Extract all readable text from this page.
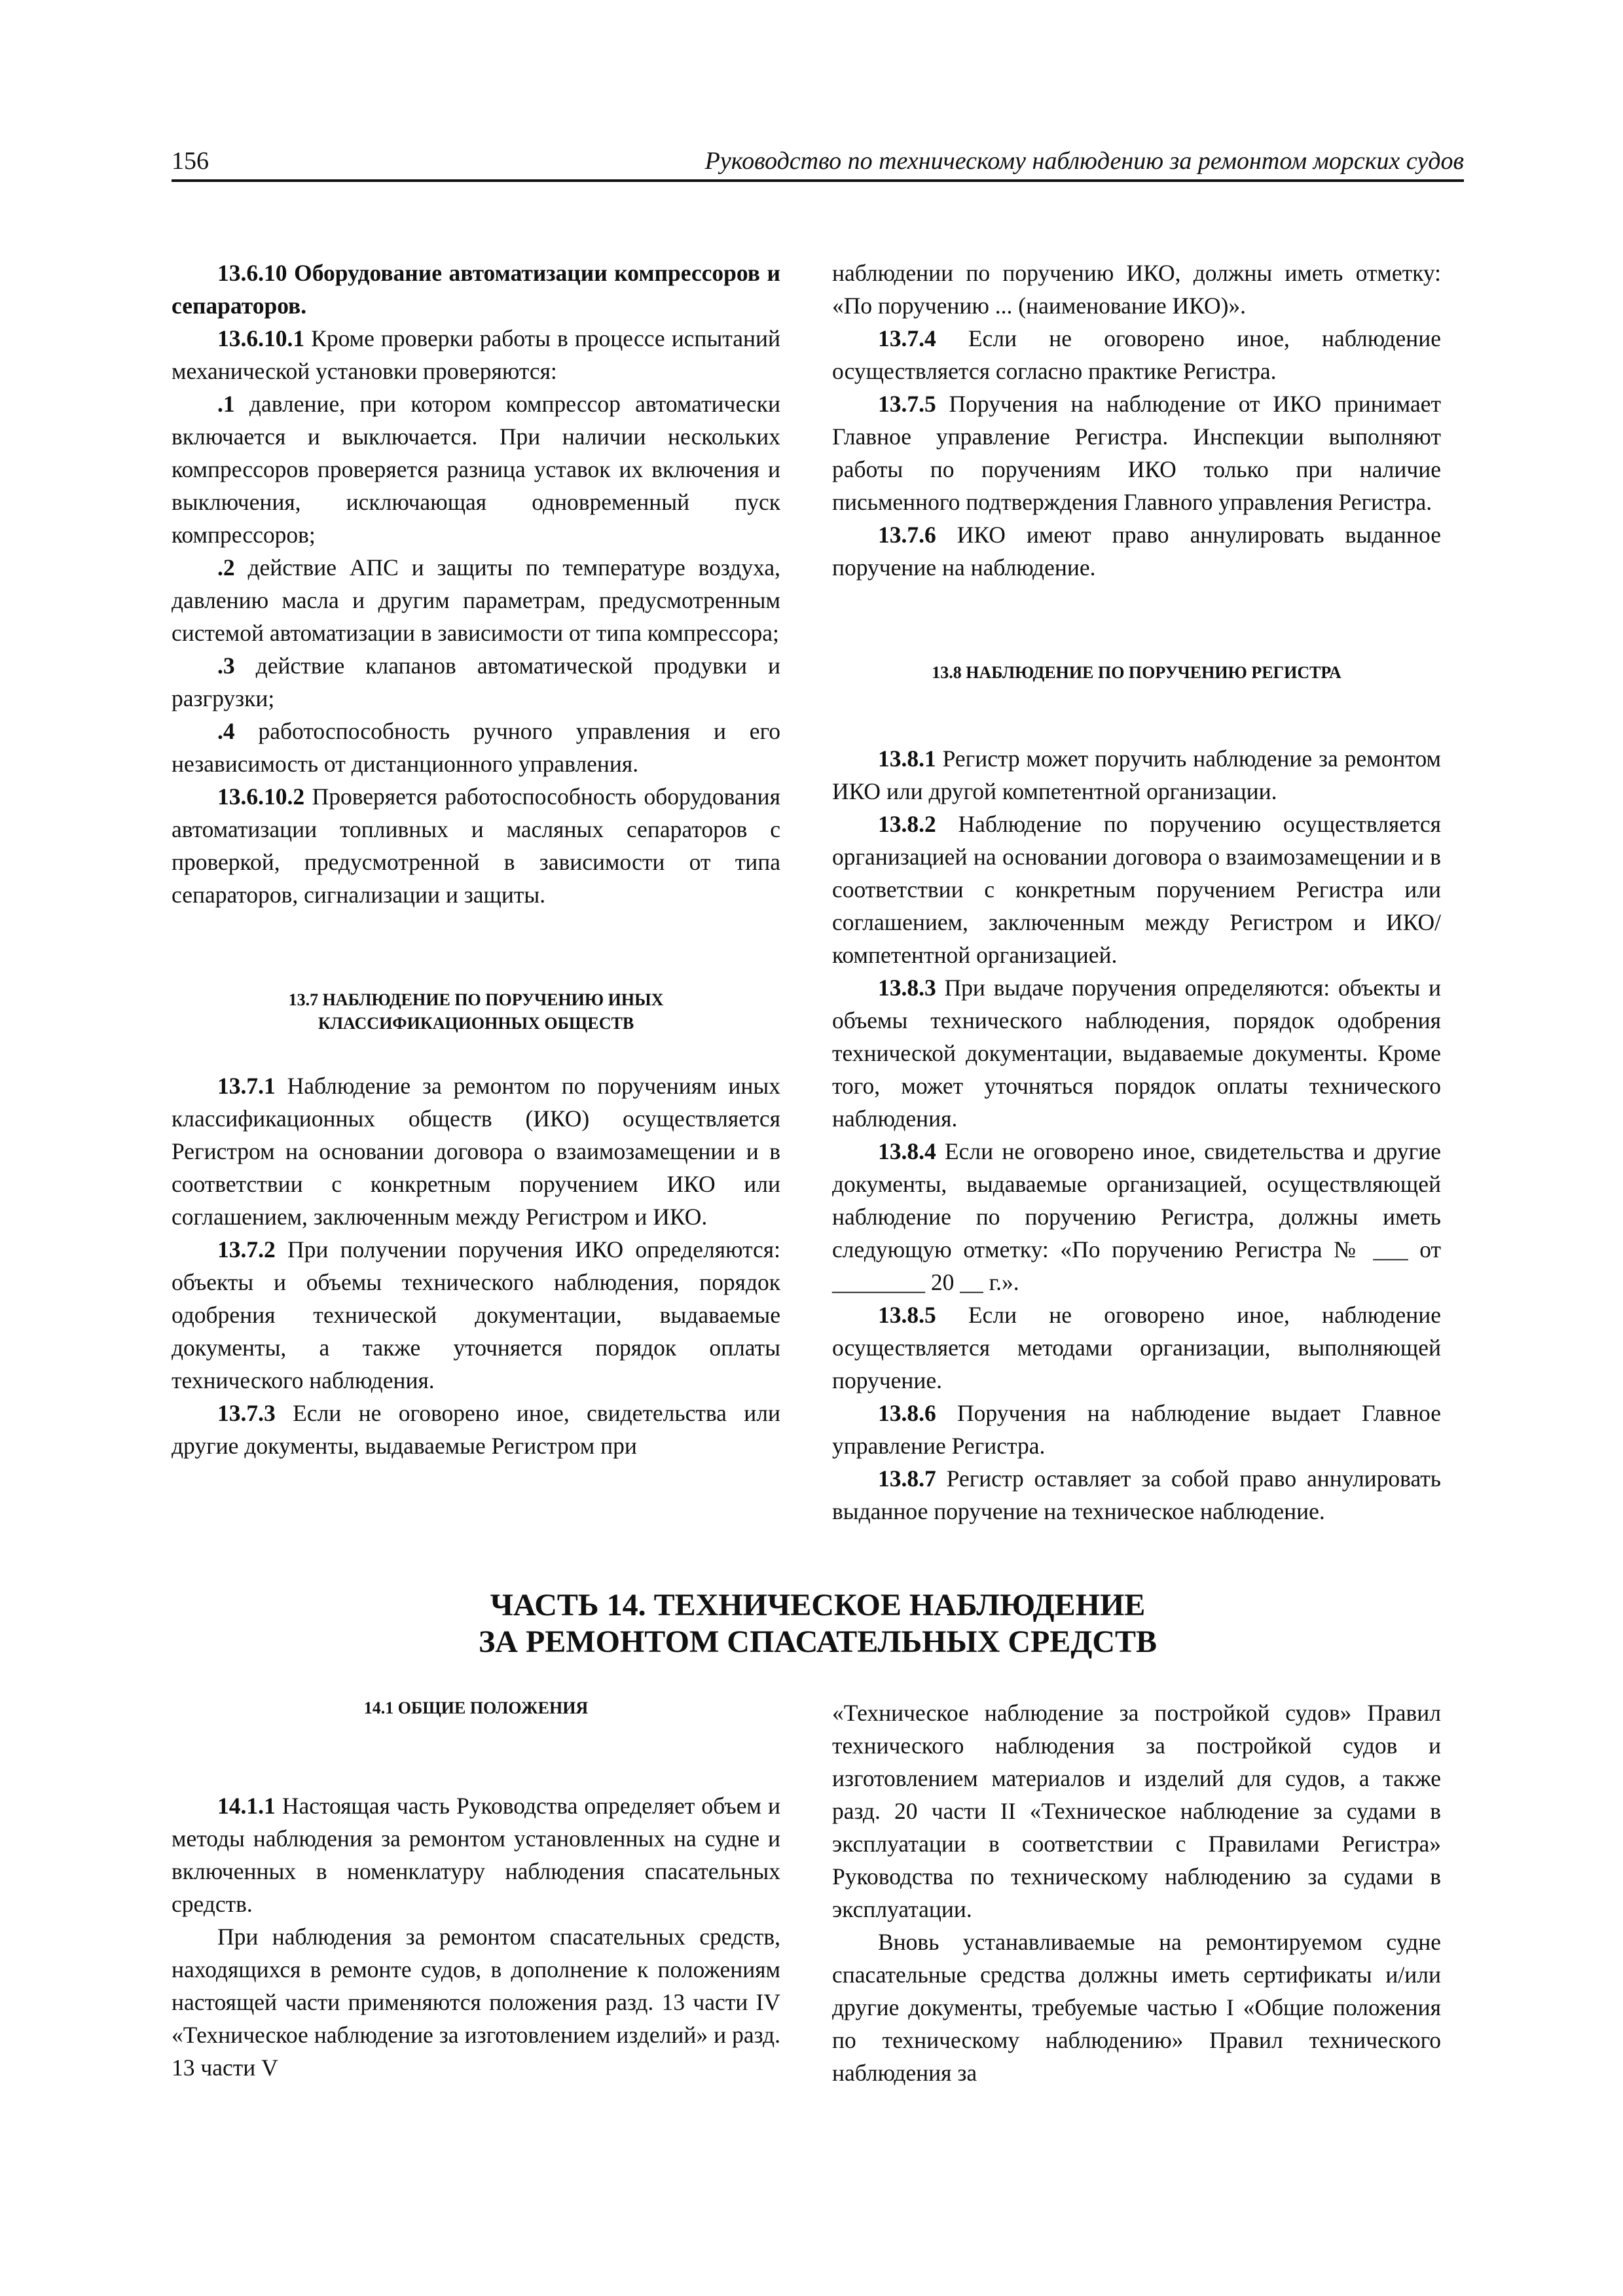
156	Руководство по техническому наблюдению за ремонтом морских судов

13.6.10 Оборудование автоматизации компрессоров и сепараторов.

13.6.10.1 Кроме проверки работы в процессе испытаний механической установки проверяются:

.1 давление, при котором компрессор автоматически включается и выключается. При наличии нескольких компрессоров проверяется разница уставок их включения и выключения, исключающая одновременный пуск компрессоров;

.2 действие АПС и защиты по температуре воздуха, давлению масла и другим параметрам, предусмотренным системой автоматизации в зависимости от типа компрессора;

.3 действие клапанов автоматической продувки и разгрузки;

.4 работоспособность ручного управления и его независимость от дистанционного управления.

13.6.10.2 Проверяется работоспособность оборудования автоматизации топливных и масляных сепараторов с проверкой, предусмотренной в зависимости от типа сепараторов, сигнализации и защиты.

13.7 НАБЛЮДЕНИЕ ПО ПОРУЧЕНИЮ ИНЫХ
КЛАССИФИКАЦИОННЫХ ОБЩЕСТВ

13.7.1 Наблюдение за ремонтом по поручениям иных классификационных обществ (ИКО) осуществляется Регистром на основании договора о взаимозамещении и в соответствии с конкретным поручением ИКО или соглашением, заключенным между Регистром и ИКО.

13.7.2 При получении поручения ИКО определяются: объекты и объемы технического наблюдения, порядок одобрения технической документации, выдаваемые документы, а также уточняется порядок оплаты технического наблюдения.

13.7.3 Если не оговорено иное, свидетельства или другие документы, выдаваемые Регистром при

наблюдении по поручению ИКО, должны иметь отметку: «По поручению ... (наименование ИКО)».

13.7.4 Если не оговорено иное, наблюдение осуществляется согласно практике Регистра.

13.7.5 Поручения на наблюдение от ИКО принимает Главное управление Регистра. Инспекции выполняют работы по поручениям ИКО только при наличие письменного подтверждения Главного управления Регистра.

13.7.6 ИКО имеют право аннулировать выданное поручение на наблюдение.

13.8 НАБЛЮДЕНИЕ ПО ПОРУЧЕНИЮ РЕГИСТРА

13.8.1 Регистр может поручить наблюдение за ремонтом ИКО или другой компетентной организации.

13.8.2 Наблюдение по поручению осуществляется организацией на основании договора о взаимозамещении и в соответствии с конкретным поручением Регистра или соглашением, заключенным между Регистром и ИКО/компетентной организацией.

13.8.3 При выдаче поручения определяются: объекты и объемы технического наблюдения, порядок одобрения технической документации, выдаваемые документы. Кроме того, может уточняться порядок оплаты технического наблюдения.

13.8.4 Если не оговорено иное, свидетельства и другие документы, выдаваемые организацией, осуществляющей наблюдение по поручению Регистра, должны иметь следующую отметку: «По поручению Регистра № ___ от ________ 20 __ г.».

13.8.5 Если не оговорено иное, наблюдение осуществляется методами организации, выполняющей поручение.

13.8.6 Поручения на наблюдение выдает Главное управление Регистра.

13.8.7 Регистр оставляет за собой право аннулировать выданное поручение на техническое наблюдение.

ЧАСТЬ 14. ТЕХНИЧЕСКОЕ НАБЛЮДЕНИЕ
ЗА РЕМОНТОМ СПАСАТЕЛЬНЫХ СРЕДСТВ

14.1 ОБЩИЕ ПОЛОЖЕНИЯ

14.1.1 Настоящая часть Руководства определяет объем и методы наблюдения за ремонтом установленных на судне и включенных в номенклатуру наблюдения спасательных средств.

При наблюдения за ремонтом спасательных средств, находящихся в ремонте судов, в дополнение к положениям настоящей части применяются положения разд. 13 части IV «Техническое наблюдение за изготовлением изделий» и разд. 13 части V

«Техническое наблюдение за постройкой судов» Правил технического наблюдения за постройкой судов и изготовлением материалов и изделий для судов, а также разд. 20 части II «Техническое наблюдение за судами в эксплуатации в соответствии с Правилами Регистра» Руководства по техническому наблюдению за судами в эксплуатации.

Вновь устанавливаемые на ремонтируемом судне спасательные средства должны иметь сертификаты и/или другие документы, требуемые частью I «Общие положения по техническому наблюдению» Правил технического наблюдения за
